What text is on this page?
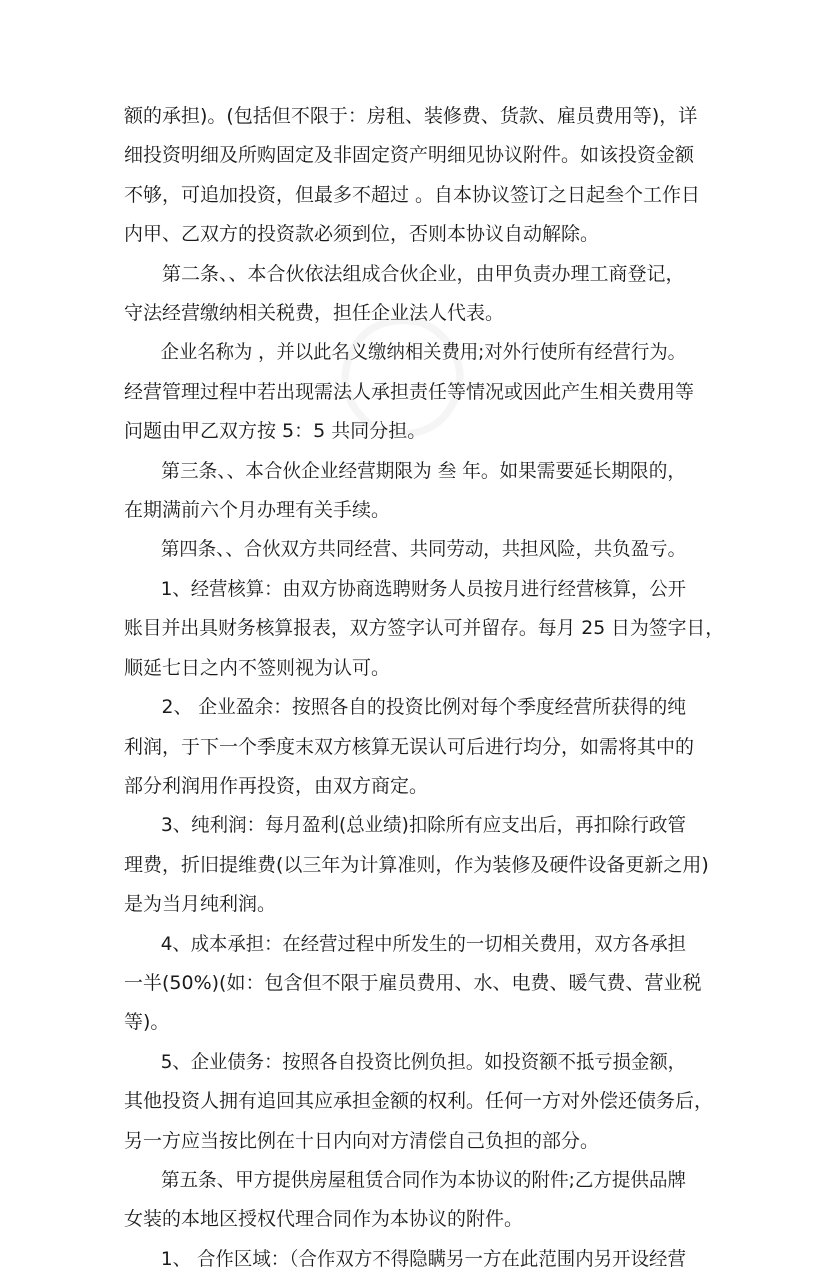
额的承担)。(包括但不限于：房租、装修费、货款、雇员费用等)，详
细投资明细及所购固定及非固定资产明细见协议附件。如该投资金额
不够，可追加投资，但最多不超过 。自本协议签订之日起叁个工作日
内甲、乙双方的投资款必须到位，否则本协议自动解除。
第二条、、本合伙依法组成合伙企业，由甲负责办理工商登记，
守法经营缴纳相关税费，担任企业法人代表。
企业名称为 ，并以此名义缴纳相关费用;对外行使所有经营行为。
经营管理过程中若出现需法人承担责任等情况或因此产生相关费用等
问题由甲乙双方按 5：5 共同分担。
第三条、、本合伙企业经营期限为 叁 年。如果需要延长期限的，
在期满前六个月办理有关手续。
第四条、、合伙双方共同经营、共同劳动，共担风险，共负盈亏。
1、经营核算：由双方协商选聘财务人员按月进行经营核算，公开
账目并出具财务核算报表，双方签字认可并留存。每月 25 日为签字日，
顺延七日之内不签则视为认可。
2、 企业盈余：按照各自的投资比例对每个季度经营所获得的纯
利润，于下一个季度末双方核算无误认可后进行均分，如需将其中的
部分利润用作再投资，由双方商定。
3、纯利润：每月盈利(总业绩)扣除所有应支出后，再扣除行政管
理费，折旧提维费(以三年为计算准则，作为装修及硬件设备更新之用)
是为当月纯利润。
4、成本承担：在经营过程中所发生的一切相关费用，双方各承担
一半(50%)(如：包含但不限于雇员费用、水、电费、暖气费、营业税
等)。
5、企业债务：按照各自投资比例负担。如投资额不抵亏损金额，
其他投资人拥有追回其应承担金额的权利。任何一方对外偿还债务后，
另一方应当按比例在十日内向对方清偿自己负担的部分。
第五条、甲方提供房屋租赁合同作为本协议的附件;乙方提供品牌
女装的本地区授权代理合同作为本协议的附件。
1、 合作区域：（合作双方不得隐瞒另一方在此范围内另开设经营
